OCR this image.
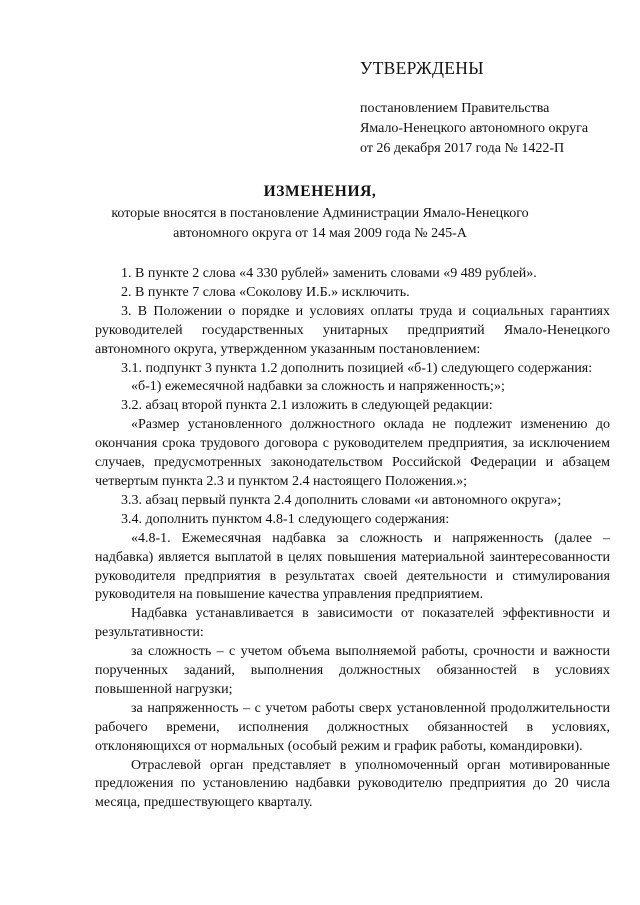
УТВЕРЖДЕНЫ
постановлением Правительства
Ямало-Ненецкого автономного округа
от 26 декабря 2017 года № 1422-П
ИЗМЕНЕНИЯ,
которые вносятся в постановление Администрации Ямало-Ненецкого
автономного округа от 14 мая 2009 года № 245-А

1. В пункте 2 слова «4 330 рублей» заменить словами «9 489 рублей».

2. В пункте 7 слова «Соколову И.Б.» исключить.

3. В Положении о порядке и условиях оплаты труда и социальных гарантиях руководителей государственных унитарных предприятий Ямало-Ненецкого автономного округа, утвержденном указанным постановлением:

3.1. подпункт 3 пункта 1.2 дополнить позицией «б-1) следующего содержания:

«б-1) ежемесячной надбавки за сложность и напряженность;»;

3.2. абзац второй пункта 2.1 изложить в следующей редакции:

«Размер установленного должностного оклада не подлежит изменению до окончания срока трудового договора с руководителем предприятия, за исключением случаев, предусмотренных законодательством Российской Федерации и абзацем четвертым пункта 2.3 и пунктом 2.4 настоящего Положения.»;

3.3. абзац первый пункта 2.4 дополнить словами «и автономного округа»;

3.4. дополнить пунктом 4.8-1 следующего содержания:

«4.8-1. Ежемесячная надбавка за сложность и напряженность (далее – надбавка) является выплатой в целях повышения материальной заинтересованности руководителя предприятия в результатах своей деятельности и стимулирования руководителя на повышение качества управления предприятием.

Надбавка устанавливается в зависимости от показателей эффективности и результативности:

за сложность – с учетом объема выполняемой работы, срочности и важности порученных заданий, выполнения должностных обязанностей в условиях повышенной нагрузки;

за напряженность – с учетом работы сверх установленной продолжительности рабочего времени, исполнения должностных обязанностей в условиях, отклоняющихся от нормальных (особый режим и график работы, командировки).

Отраслевой орган представляет в уполномоченный орган мотивированные предложения по установлению надбавки руководителю предприятия до 20 числа месяца, предшествующего кварталу.
